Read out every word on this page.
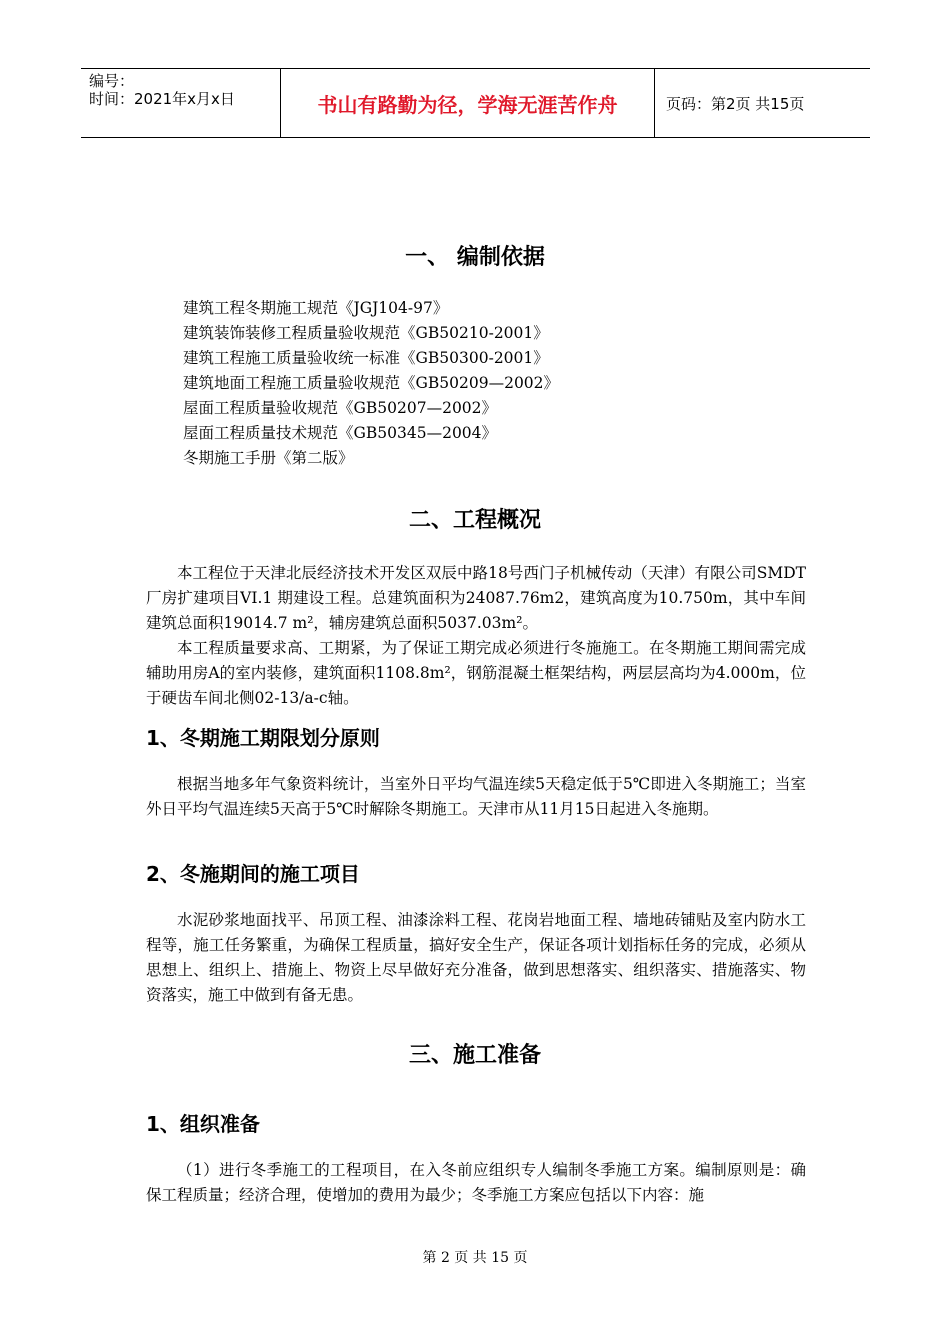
编号：
时间：2021年x月x日	书山有路勤为径，学海无涯苦作舟	页码：第2页 共15页
一、 编制依据
建筑工程冬期施工规范《JGJ104-97》
建筑装饰装修工程质量验收规范《GB50210-2001》
建筑工程施工质量验收统一标准《GB50300-2001》
建筑地面工程施工质量验收规范《GB50209—2002》
屋面工程质量验收规范《GB50207—2002》
屋面工程质量技术规范《GB50345—2004》
冬期施工手册《第二版》
二、工程概况

本工程位于天津北辰经济技术开发区双辰中路18号西门子机械传动（天津）有限公司SMDT 厂房扩建项目VI.1 期建设工程。总建筑面积为24087.76m2，建筑高度为10.750m，其中车间建筑总面积19014.7 m²，辅房建筑总面积5037.03m²。

本工程质量要求高、工期紧，为了保证工期完成必须进行冬施施工。在冬期施工期间需完成辅助用房A的室内装修，建筑面积1108.8m²，钢筋混凝土框架结构，两层层高均为4.000m，位于硬齿车间北侧02-13/a-c轴。

1、冬期施工期限划分原则

根据当地多年气象资料统计，当室外日平均气温连续5天稳定低于5℃即进入冬期施工；当室外日平均气温连续5天高于5℃时解除冬期施工。天津市从11月15日起进入冬施期。

2、冬施期间的施工项目

水泥砂浆地面找平、吊顶工程、油漆涂料工程、花岗岩地面工程、墙地砖铺贴及室内防水工程等，施工任务繁重，为确保工程质量，搞好安全生产，保证各项计划指标任务的完成，必须从思想上、组织上、措施上、物资上尽早做好充分准备，做到思想落实、组织落实、措施落实、物资落实，施工中做到有备无患。

三、施工准备
1、组织准备

（1）进行冬季施工的工程项目，在入冬前应组织专人编制冬季施工方案。编制原则是：确保工程质量；经济合理，使增加的费用为最少；冬季施工方案应包括以下内容：施

第 2 页 共 15 页
